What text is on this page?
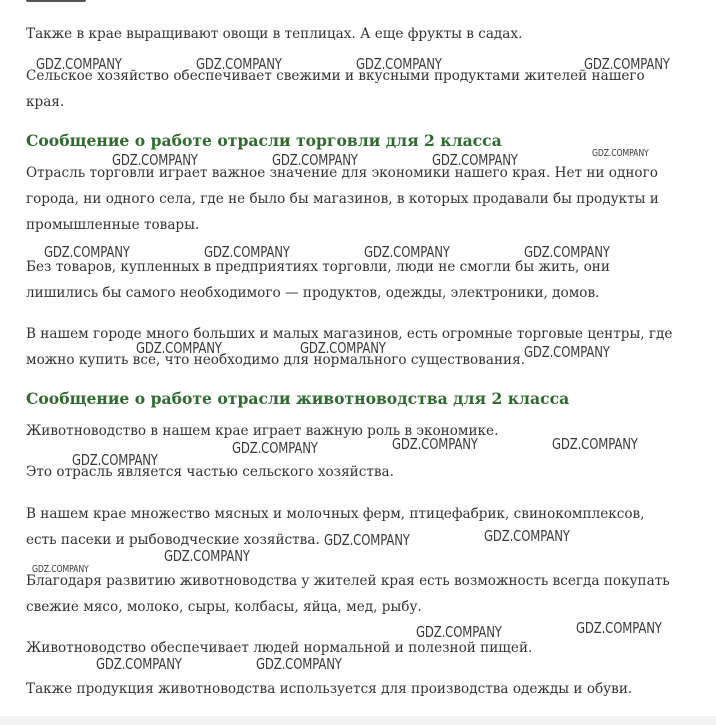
Также в крае выращивают овощи в теплицах. А еще фрукты в садах.

Сельское хозяйство обеспечивает свежими и вкусными продуктами жителей нашего
края.

Сообщение о работе отрасли торговли для 2 класса

Отрасль торговли играет важное значение для экономики нашего края. Нет ни одного
города, ни одного села, где не было бы магазинов, в которых продавали бы продукты и
промышленные товары.

Без товаров, купленных в предприятиях торговли, люди не смогли бы жить, они
лишились бы самого необходимого — продуктов, одежды, электроники, домов.

В нашем городе много больших и малых магазинов, есть огромные торговые центры, где
можно купить все, что необходимо для нормального существования.

Сообщение о работе отрасли животноводства для 2 класса

Животноводство в нашем крае играет важную роль в экономике.

Это отрасль является частью сельского хозяйства.

В нашем крае множество мясных и молочных ферм, птицефабрик, свинокомплексов,
есть пасеки и рыбоводческие хозяйства.

Благодаря развитию животноводства у жителей края есть возможность всегда покупать
свежие мясо, молоко, сыры, колбасы, яйца, мед, рыбу.

Животноводство обеспечивает людей нормальной и полезной пищей.

Также продукция животноводства используется для производства одежды и обуви.

GDZ.COMPANY	GDZ.COMPANY	GDZ.COMPANY	GDZ.COMPANY
GDZ.COMPANY	GDZ.COMPANY	GDZ.COMPANY	GDZ.COMPANY
GDZ.COMPANY	GDZ.COMPANY	GDZ.COMPANY	GDZ.COMPANY
GDZ.COMPANY	GDZ.COMPANY	GDZ.COMPANY
GDZ.COMPANY	GDZ.COMPANY
GDZ.COMPANY
GDZ.COMPANY
GDZ.COMPANY
GDZ.COMPANY
GDZ.COMPANY
GDZ.COMPANY
GDZ.COMPANY
GDZ.COMPANY
GDZ.COMPANY	GDZ.COMPANY
